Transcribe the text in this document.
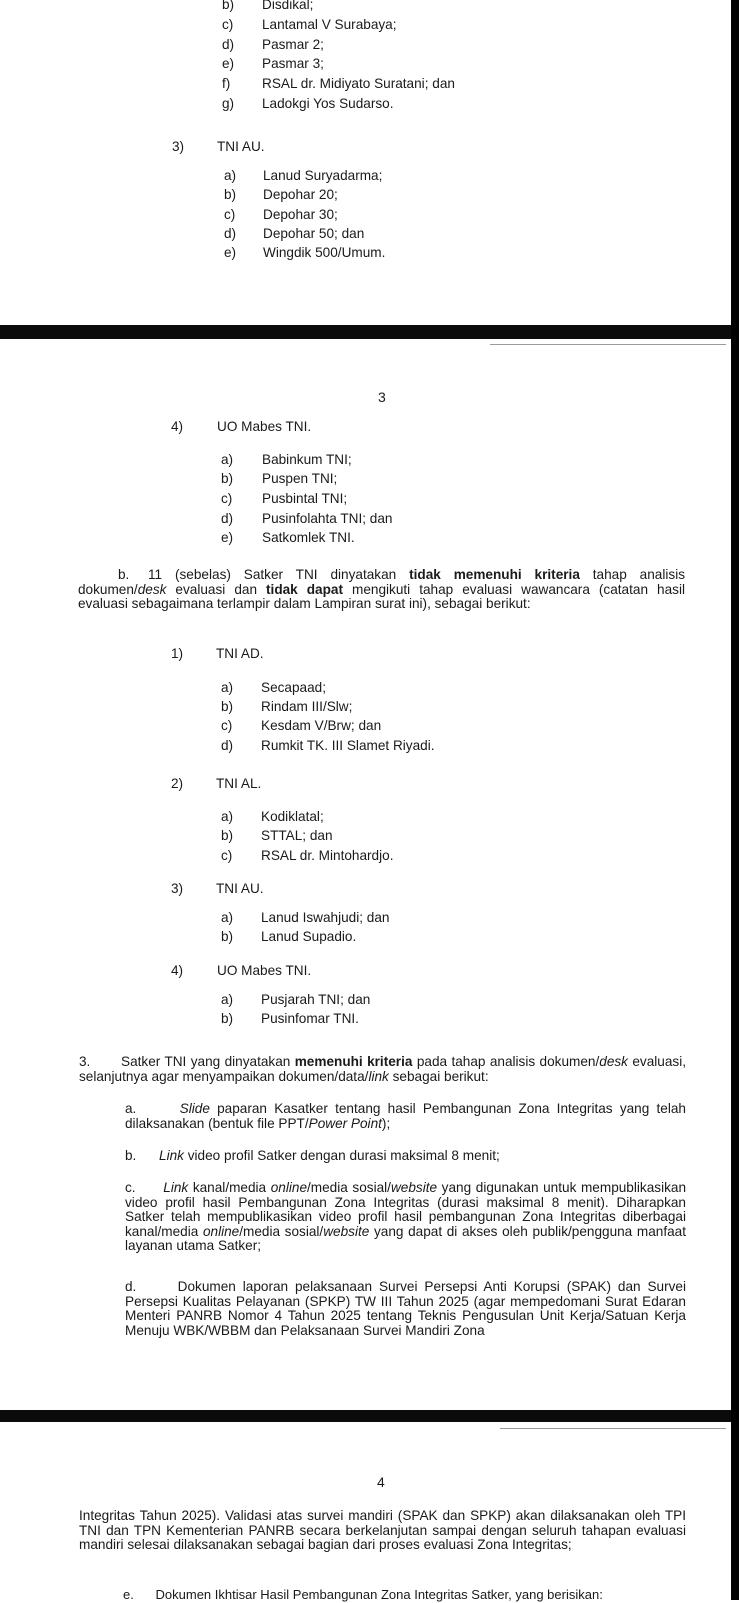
b) Disdikal;
c) Lantamal V Surabaya;
d) Pasmar 2;
e) Pasmar 3;
f) RSAL dr. Midiyato Suratani; dan
g) Ladokgi Yos Sudarso.
3) TNI AU.
a) Lanud Suryadarma;
b) Depohar 20;
c) Depohar 30;
d) Depohar 50; dan
e) Wingdik 500/Umum.
3
4) UO Mabes TNI.
a) Babinkum TNI;
b) Puspen TNI;
c) Pusbintal TNI;
d) Pusinfolahta TNI; dan
e) Satkomlek TNI.
b.	11 (sebelas) Satker TNI dinyatakan tidak memenuhi kriteria tahap analisis dokumen/desk evaluasi dan tidak dapat mengikuti tahap evaluasi wawancara (catatan hasil evaluasi sebagaimana terlampir dalam Lampiran surat ini), sebagai berikut:
1) TNI AD.
a) Secapaad;
b) Rindam III/Slw;
c) Kesdam V/Brw; dan
d) Rumkit TK. III Slamet Riyadi.
2) TNI AL.
a) Kodiklatal;
b) STTAL; dan
c) RSAL dr. Mintohardjo.
3) TNI AU.
a) Lanud Iswahjudi; dan
b) Lanud Supadio.
4) UO Mabes TNI.
a) Pusjarah TNI; dan
b) Pusinfomar TNI.
3. Satker TNI yang dinyatakan memenuhi kriteria pada tahap analisis dokumen/desk evaluasi, selanjutnya agar menyampaikan dokumen/data/link sebagai berikut:
a.	Slide paparan Kasatker tentang hasil Pembangunan Zona Integritas yang telah dilaksanakan (bentuk file PPT/Power Point);
b. Link video profil Satker dengan durasi maksimal 8 menit;
c. Link kanal/media online/media sosial/website yang digunakan untuk mempublikasikan video profil hasil Pembangunan Zona Integritas (durasi maksimal 8 menit). Diharapkan Satker telah mempublikasikan video profil hasil pembangunan Zona Integritas diberbagai kanal/media online/media sosial/website yang dapat di akses oleh publik/pengguna manfaat layanan utama Satker;
d.	Dokumen laporan pelaksanaan Survei Persepsi Anti Korupsi (SPAK) dan Survei Persepsi Kualitas Pelayanan (SPKP) TW III Tahun 2025 (agar mempedomani Surat Edaran Menteri PANRB Nomor 4 Tahun 2025 tentang Teknis Pengusulan Unit Kerja/Satuan Kerja Menuju WBK/WBBM dan Pelaksanaan Survei Mandiri Zona
4
Integritas Tahun 2025). Validasi atas survei mandiri (SPAK dan SPKP) akan dilaksanakan oleh TPI TNI dan TPN Kementerian PANRB secara berkelanjutan sampai dengan seluruh tahapan evaluasi mandiri selesai dilaksanakan sebagai bagian dari proses evaluasi Zona Integritas;
e.      Dokumen Ikhtisar Hasil Pembangunan Zona Integritas Satker, yang berisikan:
